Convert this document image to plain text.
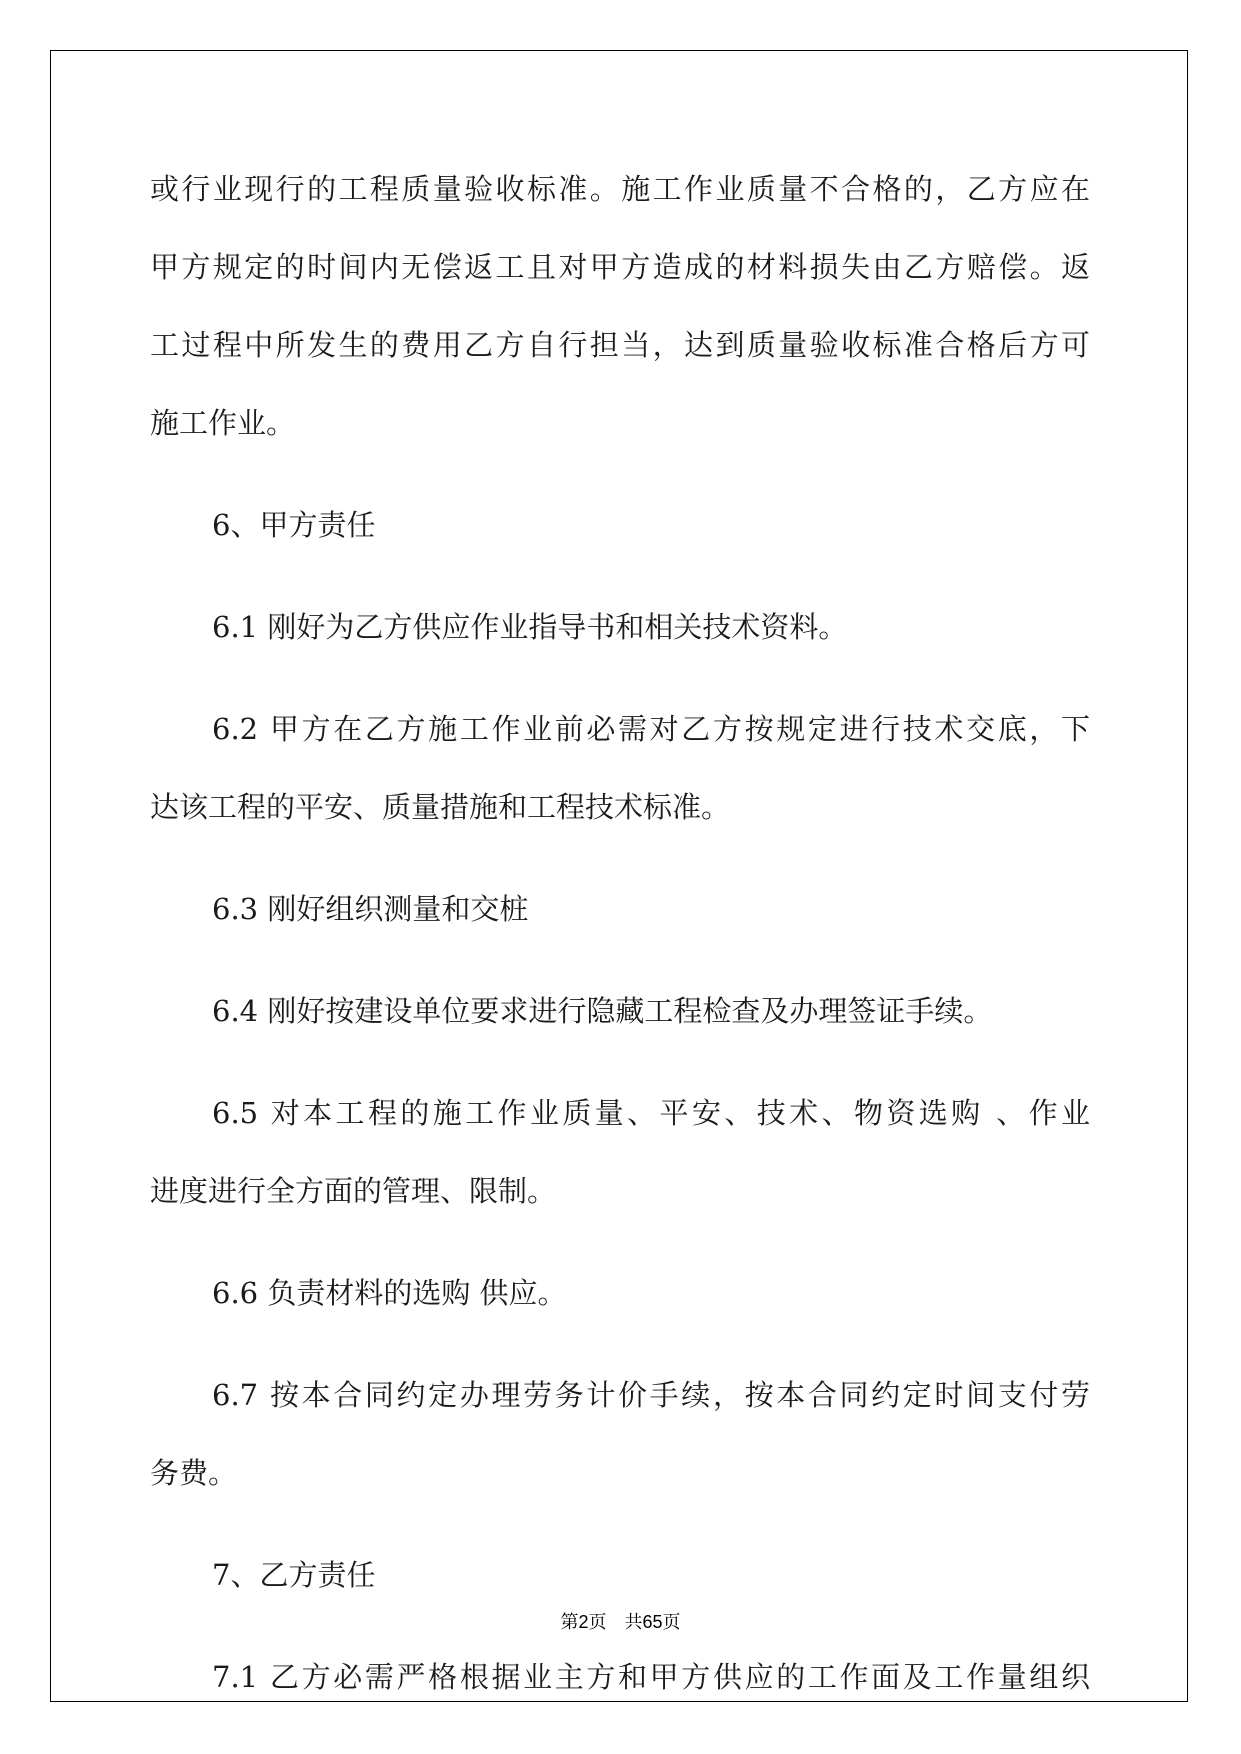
或行业现行的工程质量验收标准。施工作业质量不合格的，乙方应在
甲方规定的时间内无偿返工且对甲方造成的材料损失由乙方赔偿。返
工过程中所发生的费用乙方自行担当，达到质量验收标准合格后方可
施工作业。
6、甲方责任
6.1 刚好为乙方供应作业指导书和相关技术资料。
6.2 甲方在乙方施工作业前必需对乙方按规定进行技术交底，下
达该工程的平安、质量措施和工程技术标准。
6.3 刚好组织测量和交桩
6.4 刚好按建设单位要求进行隐藏工程检查及办理签证手续。
6.5 对本工程的施工作业质量、平安、技术、物资选购 、作业
进度进行全方面的管理、限制。
6.6 负责材料的选购 供应。
6.7 按本合同约定办理劳务计价手续，按本合同约定时间支付劳
务费。
7、乙方责任
7.1 乙方必需严格根据业主方和甲方供应的工作面及工作量组织
第2页 共65页
